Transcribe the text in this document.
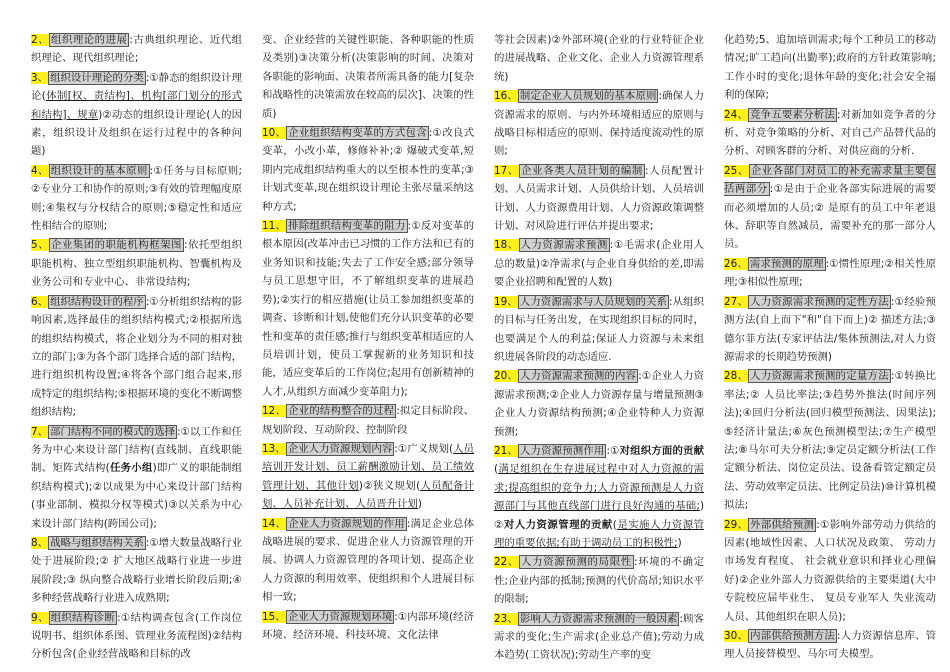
2、 组织理论的进展 :古典组织理论、近代组织理论、现代组织理论;

3、 组织设计理论的分类 :①静态的组织设计理论(体制[权、责结构]、机构[部门划分的形式和结构]、规章)②动态的组织设计理论(人的因素，组织设计及组织在运行过程中的各种问题)

4、 组织设计的基本原则 :①任务与目标原则;②专业分工和协作的原则;③有效的管理幅度原则;④集权与分权结合的原则;⑤稳定性和适应性相结合的原则;

5、 企业集团的职能机构框架图 :依托型组织职能机构、独立型组织职能机构、智囊机构及业务公司和专业中心、非常设结构;

6、 组织结构设计的程序 :①分析组织结构的影响因素,选择最佳的组织结构模式;②根据所选的组织结构模式，将企业划分为不同的相对独立的部门;③为各个部门选择合适的部门结构，进行组织机构设置;④将各个部门组合起来,形成特定的组织结构;⑤根据环境的变化不断调整组织结构;

7、 部门结构不同的模式的选择 :①以工作和任务为中心来设计部门结构(直线制、直线职能制、矩阵式结构(任务小组)即广义的职能制组织结构模式);②以成果为中心来设计部门结构(事业部制、模拟分权等模式)③以关系为中心来设计部门结构(跨国公司);

8、 战略与组织结构关系 :①增大数量战略行业处于进展阶段;② 扩大地区战略行业进一步进展阶段;③ 纵向整合战略行业增长阶段后期;④ 多种经营战略行业进入成熟期;

9、 组织结构诊断 :①结构调查包含(工作岗位说明书、组织体系图、管理业务流程图)②结构分析包含(企业经营战略和目标的改

变、企业经营的关键性职能、各种职能的性质及类别)③决策分析(决策影响的时间、决策对各职能的影响面、决策者所需具备的能力[复杂和战略性的决策需放在较高的层次]、决策的性质)

10、 企业组织结构变革的方式包含 :①改良式变革，小改小革，修修补补;② 爆破式变革,短期内完成组织结构重大的以至根本性的变革;③ 计划式变革,现在组织设计理论主张尽量采纳这种方式;

11、 排除组织结构变革的阻力 :①反对变革的根本原因(改革冲击已习惯的工作方法和已有的业务知识和技能;失去了工作安全感;部分领导与员工思想守旧，不了解组织变革的进展趋势);②实行的相应措施(让员工参加组织变革的调查、诊断和计划,使他们充分认识变革的必要性和变革的责任感;推行与组织变革相适应的人员培训计划，使员工掌握新的业务知识和技能，适应变革后的工作岗位;起用有创新精神的人才,从组织方面减少变革阻力);

12、 企业的结构整合的过程 :拟定目标阶段、规划阶段、互动阶段、控制阶段

13、 企业人力资源规划内容 :①广义规划(人员培训开发计划、员工薪酬激励计划、员工绩效管理计划、其他计划)②狭义规划(人员配备计划、人员补充计划、人员晋升计划)

14、 企业人力资源规划的作用 :满足企业总体战略进展的要求、促进企业人力资源管理的开展、协调人力资源管理的各项计划、提高企业人力资源的利用效率、使组织和个人进展目标相一致;

15、 企业人力资源规划环境 :①内部环境(经济环境、经济环境、科技环境、文化法律

等社会因素)②外部环境(企业的行业特征企业的进展战略、企业文化、企业人力资源管理系统)

16、 制定企业人员规划的基本原则 :确保人力资源需求的原则、与内外环境相适应的原则与战略目标相适应的原则、保持适度流动性的原则;

17、 企业各类人员计划的编制 :人员配置计划、人员需求计划、人员供给计划、人员培训计划、人力资源费用计划、人力资源政策调整计划、对风险进行评估并提出要求;

18、 人力资源需求预测 :①毛需求(企业用人总的数量)②净需求(与企业自身供给的差,即需要企业招聘和配置的人数)

19、 人力资源需求与人员规划的关系 :从组织的目标与任务出发，在实现组织目标的同时，也要满足个人的利益;保证人力资源与未来组织进展各阶段的动态适应.

20、 人力资源需求预测的内容 :①企业人力资源需求预测;②企业人力资源存量与增量预测③企业人力资源结构预测;④企业特种人力资源预测;

21、 人力资源预测作用 :①对组织方面的贡献(满足组织在生存进展过程中对人力资源的需求;提高组织的竞争力;人力资源预测是人力资源部门与其他直线部门进行良好沟通的基础;)②对人力资源管理的贡献(是实施人力资源管理的重要依据;有助于调动员工的积极性;)

22、 人力资源预测的局限性 :环境的不确定性;企业内部的抵制;预测的代价高昂;知识水平的限制;

23、 影响人力资源需求预测的一般因素 :顾客需求的变化;生产需求(企业总产值);劳动力成本趋势(工资状况);劳动生产率的变

化趋势;5、追加培训需求;每个工种员工的移动情况;旷工趋向(出勤率);政府的方针政策影响;工作小时的变化;退休年龄的变化;社会安全福利的保障;

24、 竞争五要素分析法 :对新加如竞争者的分析、对竞争策略的分析、对自己产品替代品的分析、对顾客群的分析、对供应商的分析.

25、 企业各部门对员工的补充需求量主要包括两部分 :①是由于企业各部实际进展的需要而必须增加的人员;② 是原有的员工中年老退休、辞职等自然减员，需要补充的那一部分人员。

26、 需求预测的原理 :①惯性原理;②相关性原理;③相似性原理;

27、 人力资源需求预测的定性方法 :①经验预测方法(自上而下"和"自下而上)② 描述方法;③德尔菲方法(专家评估法/集体预测法,对人力资源需求的长期趋势预测)

28、 人力资源需求预测的定量方法 :①转换比率法;② 人员比率法;③趋势外推法(时间序列法);④回归分析法(回归模型预测法、因果法);⑤经济计量法;⑥灰色预测模型法;⑦生产模型法;⑧马尔可夫分析法;⑨定员定额分析法(工作定额分析法、岗位定员法、设备看管定额定员法、劳动效率定员法、比例定员法)⑩计算机模拟法;

29、 外部供给预测 :①影响外部劳动力供给的因素(地域性因素、人口状况及政策、 劳动力市场发育程度、 社会就业意识和择业心理偏好)②企业外部人力资源供给的主要渠道(大中专院校应届毕业生、 复员专业军人 失业流动人员、其他组织在职人员);

30、 内部供给预测方法 :人力资源信息库、管理人员接替模型、马尔可夫模型。
